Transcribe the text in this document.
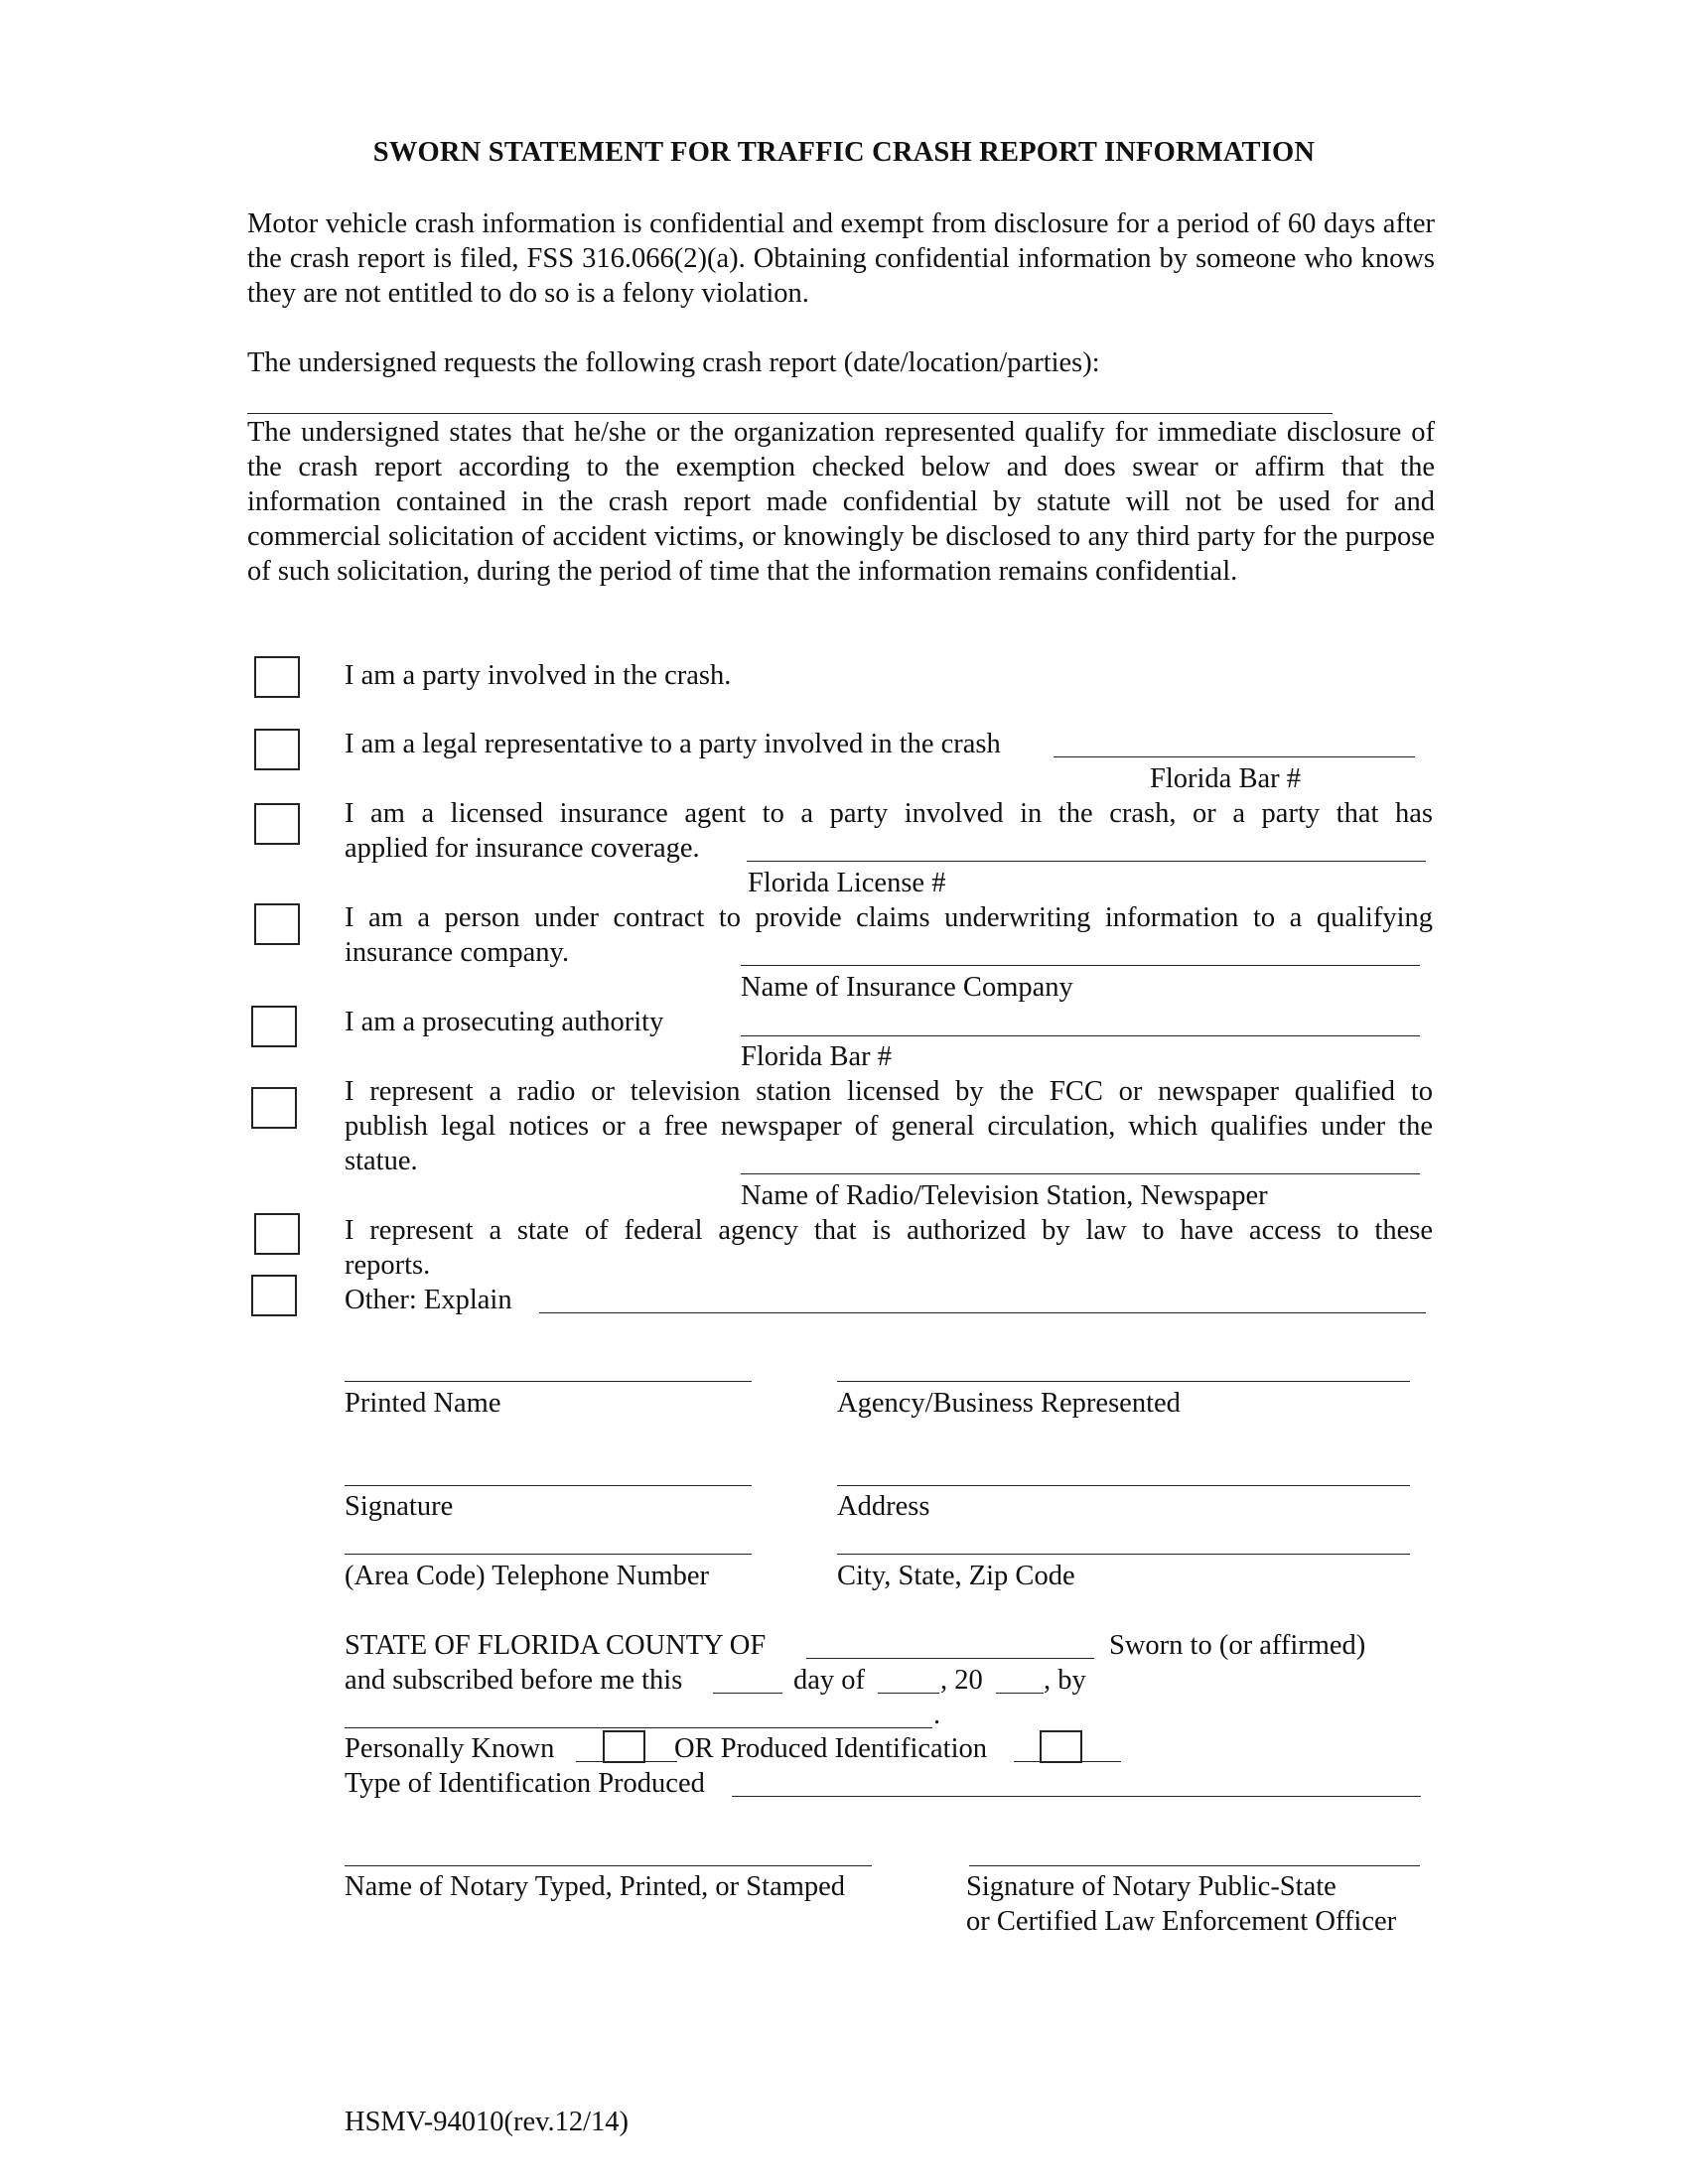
SWORN STATEMENT FOR TRAFFIC CRASH REPORT INFORMATION
Motor vehicle crash information is confidential and exempt from disclosure for a period of 60 days after the crash report is filed, FSS 316.066(2)(a). Obtaining confidential information by someone who knows they are not entitled to do so is a felony violation.
The undersigned requests the following crash report (date/location/parties):
The undersigned states that he/she or the organization represented qualify for immediate disclosure of the crash report according to the exemption checked below and does swear or affirm that the information contained in the crash report made confidential by statute will not be used for and commercial solicitation of accident victims, or knowingly be disclosed to any third party for the purpose of such solicitation, during the period of time that the information remains confidential.
I am a party involved in the crash.
I am a legal representative to a party involved in the crash
Florida Bar #
I am a licensed insurance agent to a party involved in the crash, or a party that has
applied for insurance coverage.
Florida License #
I am a person under contract to provide claims underwriting information to a qualifying
insurance company.
Name of Insurance Company
I am a prosecuting authority
Florida Bar #
I represent a radio or television station licensed by the FCC or newspaper qualified to
publish legal notices or a free newspaper of general circulation, which qualifies under the
statue.
Name of Radio/Television Station, Newspaper
I represent a state of federal agency that is authorized by law to have access to these
reports.
Other: Explain
Printed Name	Agency/Business Represented
Signature	Address
(Area Code) Telephone Number	City, State, Zip Code
STATE OF FLORIDA COUNTY OF	Sworn to (or affirmed)
and subscribed before me this	day of	, 20 , by
.
Personally Known	OR Produced Identification
Type of Identification Produced
Name of Notary Typed, Printed, or Stamped	Signature of Notary Public-State
or Certified Law Enforcement Officer
HSMV-94010(rev.12/14)
